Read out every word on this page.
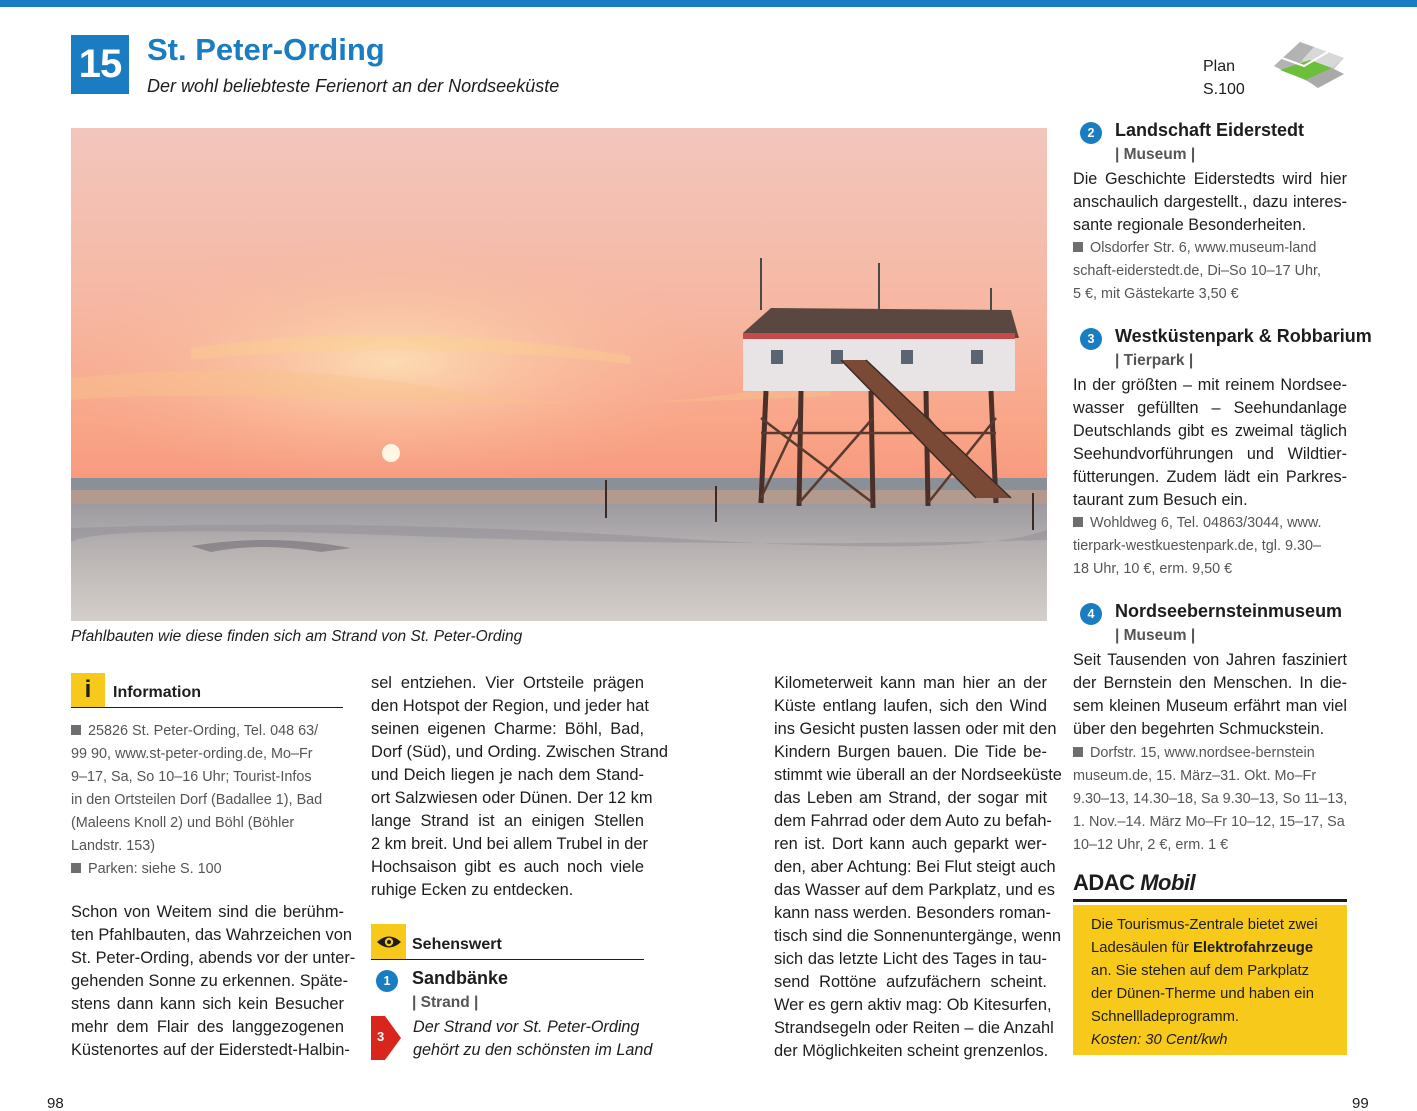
15 St. Peter-Ording
Der wohl beliebteste Ferienort an der Nordseeküste
Plan
S.100
Pfahlbauten wie diese finden sich am Strand von St. Peter-Ording
i	Information
25826 St. Peter-Ording, Tel. 048 63/
99 90, www.st-peter-ording.de, Mo–Fr
9–17, Sa, So 10–16 Uhr; Tourist-Infos
in den Ortsteilen Dorf (Badallee 1), Bad
(Maleens Knoll 2) und Böhl (Böhler
Landstr. 153)
Parken: siehe S. 100
Schon von Weitem sind die berühm-
ten Pfahlbauten, das Wahrzeichen von
St. Peter-Ording, abends vor der unter-
gehenden Sonne zu erkennen. Späte-
stens dann kann sich kein Besucher
mehr dem Flair des langgezogenen
Küstenortes auf der Eiderstedt-Halbin-
sel entziehen. Vier Ortsteile prägen
den Hotspot der Region, und jeder hat
seinen eigenen Charme: Böhl, Bad,
Dorf (Süd), und Ording. Zwischen Strand
und Deich liegen je nach dem Stand-
ort Salzwiesen oder Dünen. Der 12 km
lange Strand ist an einigen Stellen
2 km breit. Und bei allem Trubel in der
Hochsaison gibt es auch noch viele
ruhige Ecken zu entdecken.
Sehenswert
1	Sandbänke
| Strand |
3
Der Strand vor St. Peter-Ording
gehört zu den schönsten im Land
Kilometerweit kann man hier an der
Küste entlang laufen, sich den Wind
ins Gesicht pusten lassen oder mit den
Kindern Burgen bauen. Die Tide be-
stimmt wie überall an der Nordseeküste
das Leben am Strand, der sogar mit
dem Fahrrad oder dem Auto zu befah-
ren ist. Dort kann auch geparkt wer-
den, aber Achtung: Bei Flut steigt auch
das Wasser auf dem Parkplatz, und es
kann nass werden. Besonders roman-
tisch sind die Sonnenuntergänge, wenn
sich das letzte Licht des Tages in tau-
send Rottöne aufzufächern scheint.
Wer es gern aktiv mag: Ob Kitesurfen,
Strandsegeln oder Reiten – die Anzahl
der Möglichkeiten scheint grenzenlos.
2	Landschaft Eiderstedt
| Museum |
Die Geschichte Eiderstedts wird hier
anschaulich dargestellt., dazu interes-
sante regionale Besonderheiten.
Olsdorfer Str. 6, www.museum-land
schaft-eiderstedt.de, Di–So 10–17 Uhr,
5 €, mit Gästekarte 3,50 €
3	Westküstenpark & Robbarium
| Tierpark |
In der größten – mit reinem Nordsee-
wasser gefüllten – Seehundanlage
Deutschlands gibt es zweimal täglich
Seehundvorführungen und Wildtier-
fütterungen. Zudem lädt ein Parkres-
taurant zum Besuch ein.
Wohldweg 6, Tel. 04863/3044, www.
tierpark-westkuestenpark.de, tgl. 9.30–
18 Uhr, 10 €, erm. 9,50 €
4	Nordseebernsteinmuseum
| Museum |
Seit Tausenden von Jahren fasziniert
der Bernstein den Menschen. In die-
sem kleinen Museum erfährt man viel
über den begehrten Schmuckstein.
Dorfstr. 15, www.nordsee-bernstein
museum.de, 15. März–31. Okt. Mo–Fr
9.30–13, 14.30–18, Sa 9.30–13, So 11–13,
1. Nov.–14. März Mo–Fr 10–12, 15–17, Sa
10–12 Uhr, 2 €, erm. 1 €
ADAC Mobil
Die Tourismus-Zentrale bietet zwei
Ladesäulen für Elektrofahrzeuge
an. Sie stehen auf dem Parkplatz
der Dünen-Therme und haben ein
Schnellladeprogramm.
Kosten: 30 Cent/kwh
98	99
